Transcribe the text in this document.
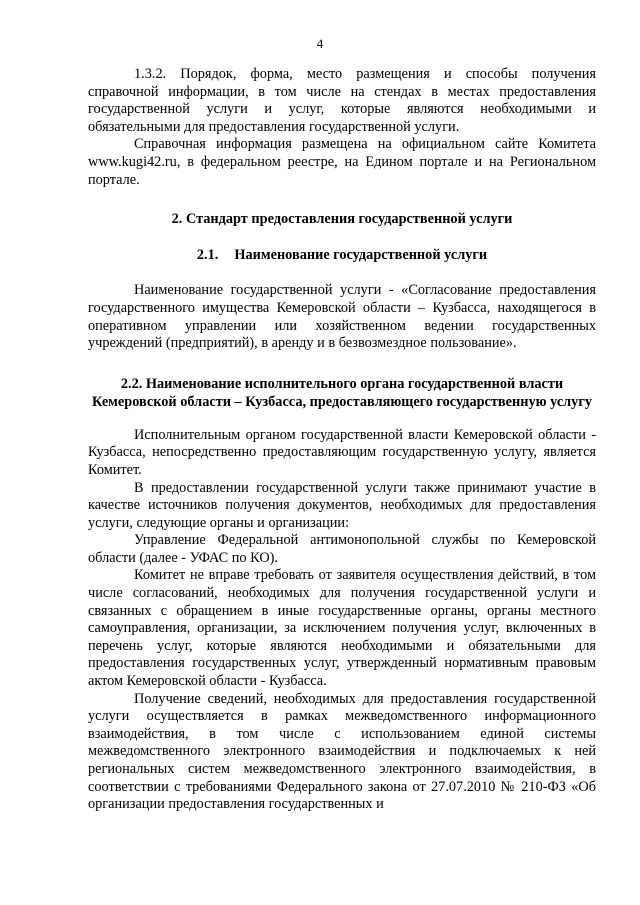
4

1.3.2. Порядок, форма, место размещения и способы получения справочной информации, в том числе на стендах в местах предоставления государственной услуги и услуг, которые являются необходимыми и обязательными для предоставления государственной услуги.

Справочная информация размещена на официальном сайте Комитета www.kugi42.ru, в федеральном реестре, на Едином портале и на Региональном портале.

2. Стандарт предоставления государственной услуги

2.1. Наименование государственной услуги

Наименование государственной услуги - «Согласование предоставления государственного имущества Кемеровской области – Кузбасса, находящегося в оперативном управлении или хозяйственном ведении государственных учреждений (предприятий), в аренду и в безвозмездное пользование».

2.2. Наименование исполнительного органа государственной власти Кемеровской области – Кузбасса, предоставляющего государственную услугу

Исполнительным органом государственной власти Кемеровской области - Кузбасса, непосредственно предоставляющим государственную услугу, является Комитет.

В предоставлении государственной услуги также принимают участие в качестве источников получения документов, необходимых для предоставления услуги, следующие органы и организации:

Управление Федеральной антимонопольной службы по Кемеровской области (далее - УФАС по КО).

Комитет не вправе требовать от заявителя осуществления действий, в том числе согласований, необходимых для получения государственной услуги и связанных с обращением в иные государственные органы, органы местного самоуправления, организации, за исключением получения услуг, включенных в перечень услуг, которые являются необходимыми и обязательными для предоставления государственных услуг, утвержденный нормативным правовым актом Кемеровской области - Кузбасса.

Получение сведений, необходимых для предоставления государственной услуги осуществляется в рамках межведомственного информационного взаимодействия, в том числе с использованием единой системы межведомственного электронного взаимодействия и подключаемых к ней региональных систем межведомственного электронного взаимодействия, в соответствии с требованиями Федерального закона от 27.07.2010 № 210-ФЗ «Об организации предоставления государственных и
